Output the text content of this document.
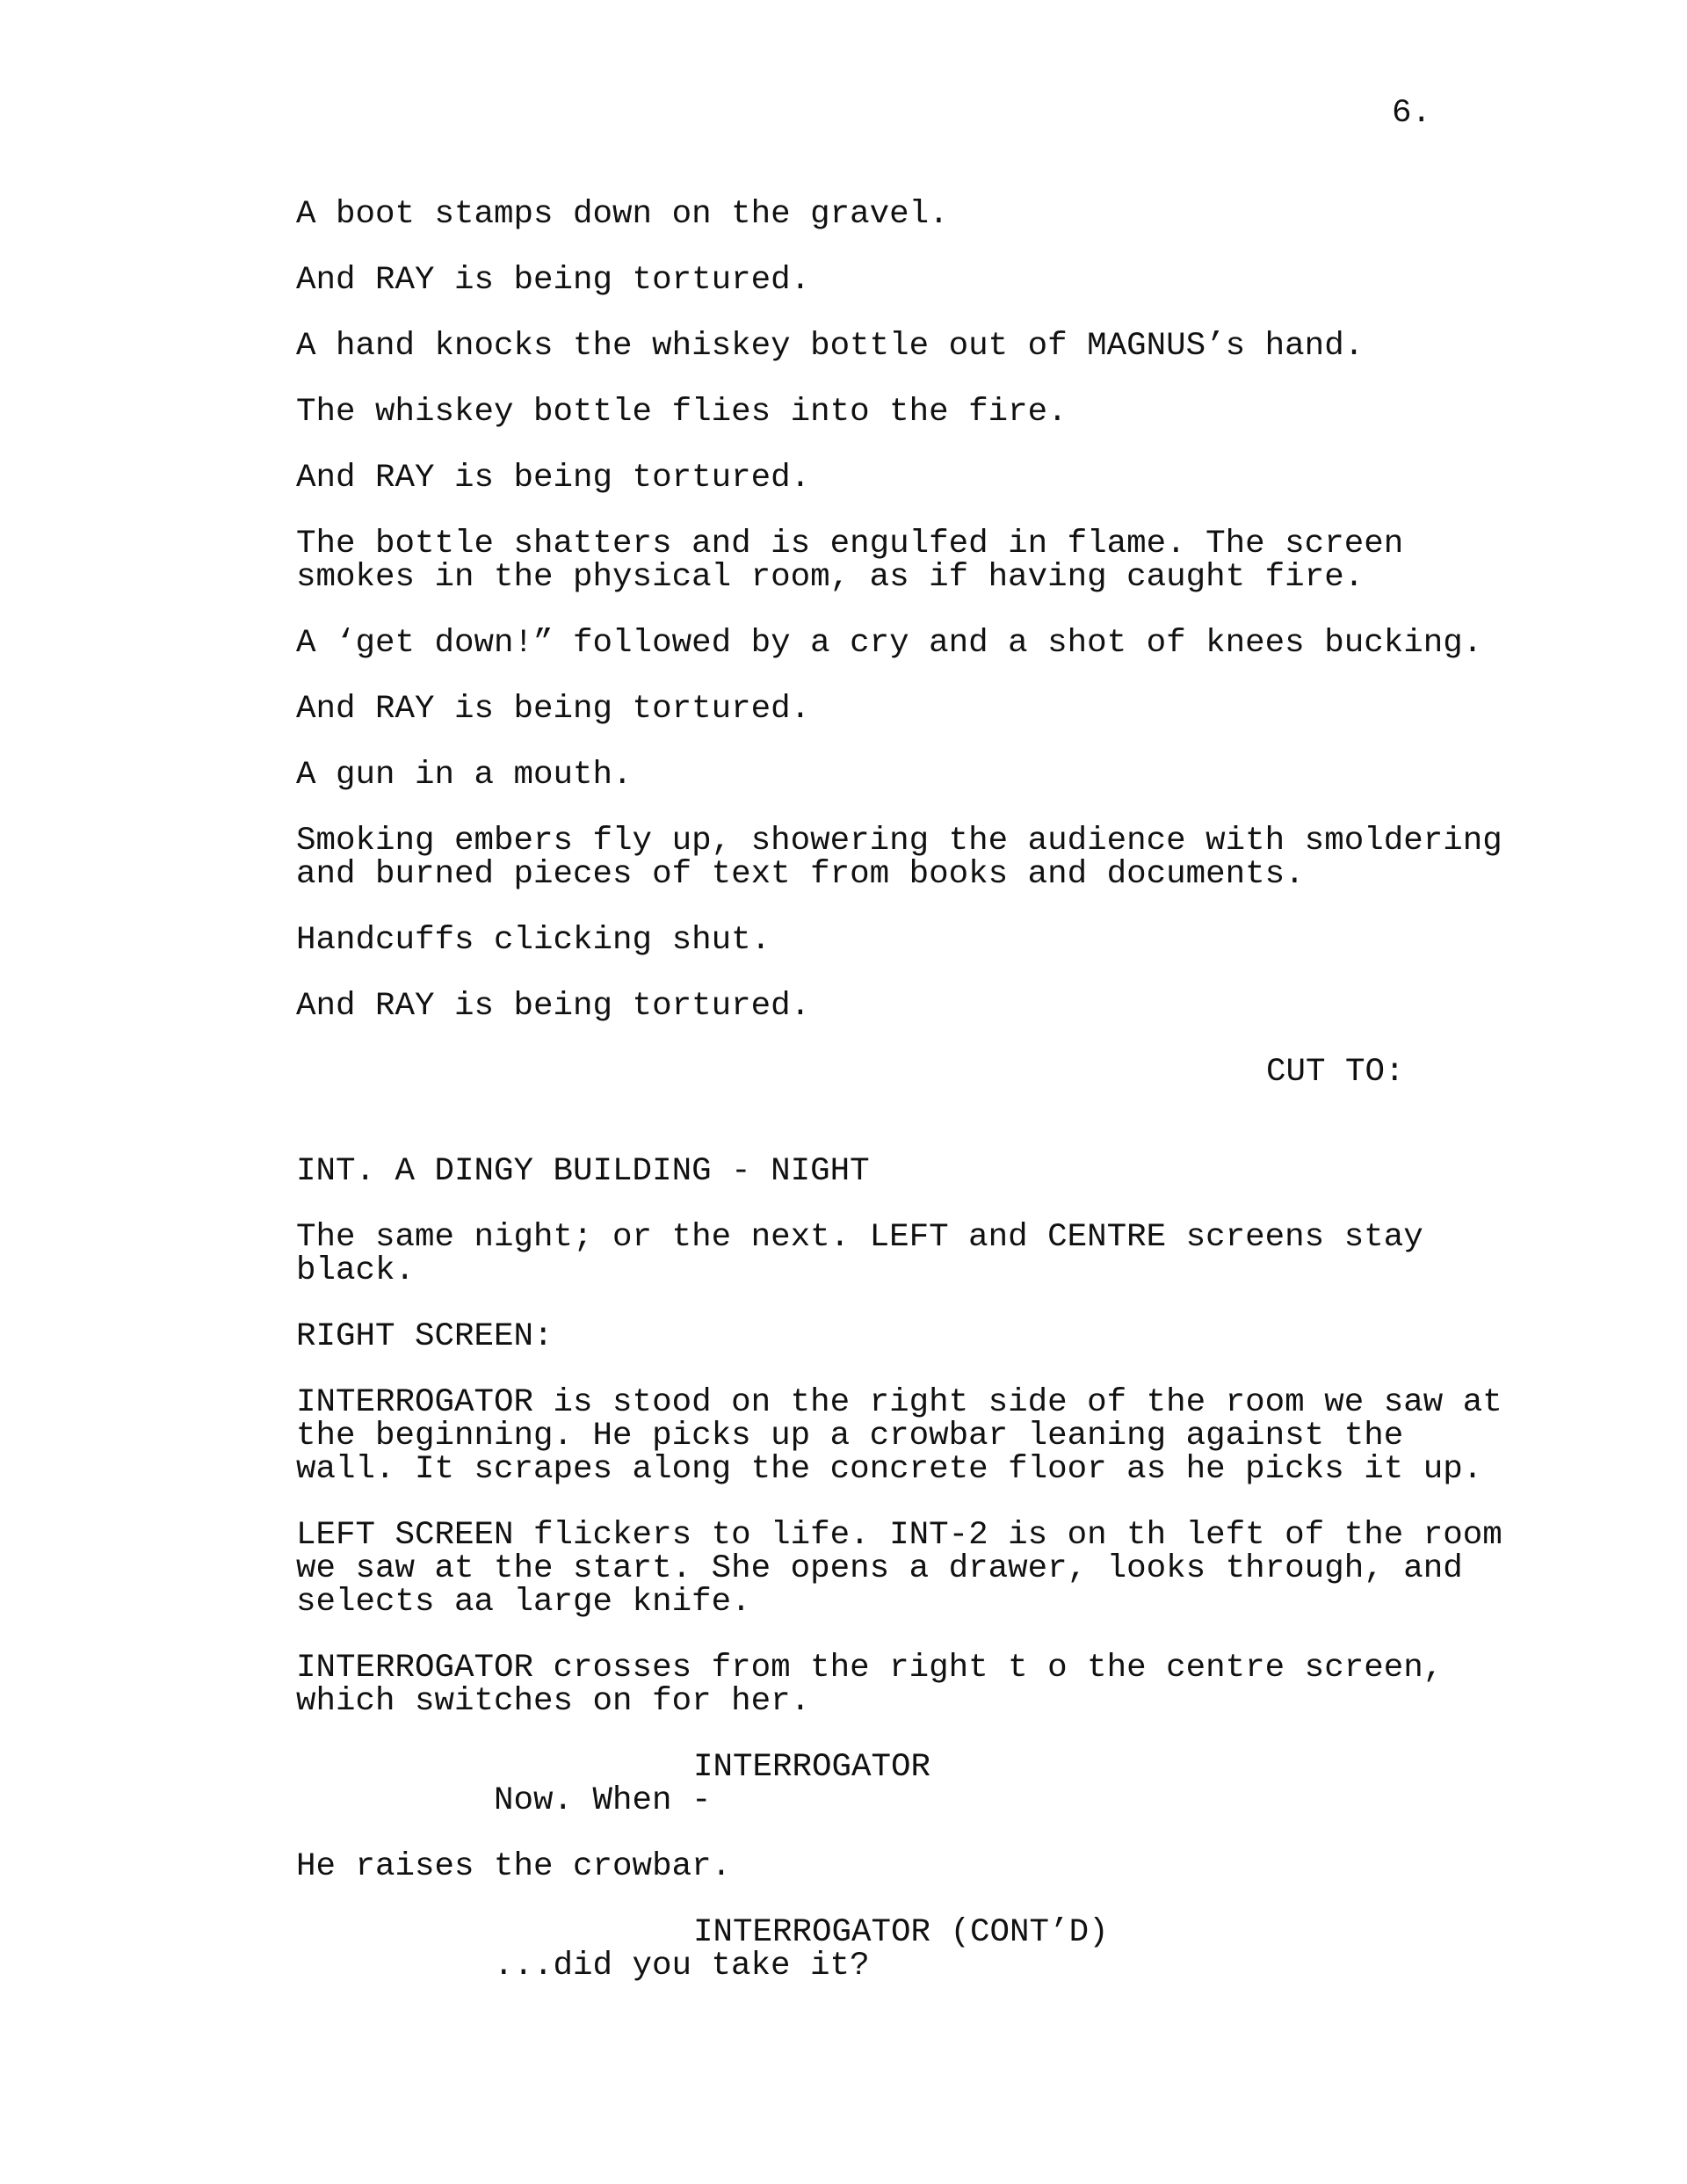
6.
A boot stamps down on the gravel.
And RAY is being tortured.
A hand knocks the whiskey bottle out of MAGNUS’s hand.
The whiskey bottle flies into the fire.
And RAY is being tortured.
The bottle shatters and is engulfed in flame. The screen
smokes in the physical room, as if having caught fire.
A ‘get down!” followed by a cry and a shot of knees bucking.
And RAY is being tortured.
A gun in a mouth.
Smoking embers fly up, showering the audience with smoldering
and burned pieces of text from books and documents.
Handcuffs clicking shut.
And RAY is being tortured.
CUT TO:
INT. A DINGY BUILDING - NIGHT
The same night; or the next. LEFT and CENTRE screens stay
black.
RIGHT SCREEN:
INTERROGATOR is stood on the right side of the room we saw at
the beginning. He picks up a crowbar leaning against the
wall. It scrapes along the concrete floor as he picks it up.
LEFT SCREEN flickers to life. INT-2 is on th left of the room
we saw at the start. She opens a drawer, looks through, and
selects aa large knife.
INTERROGATOR crosses from the right t o the centre screen,
which switches on for her.
INTERROGATOR
Now. When -
He raises the crowbar.
INTERROGATOR (CONT’D)
...did you take it?
